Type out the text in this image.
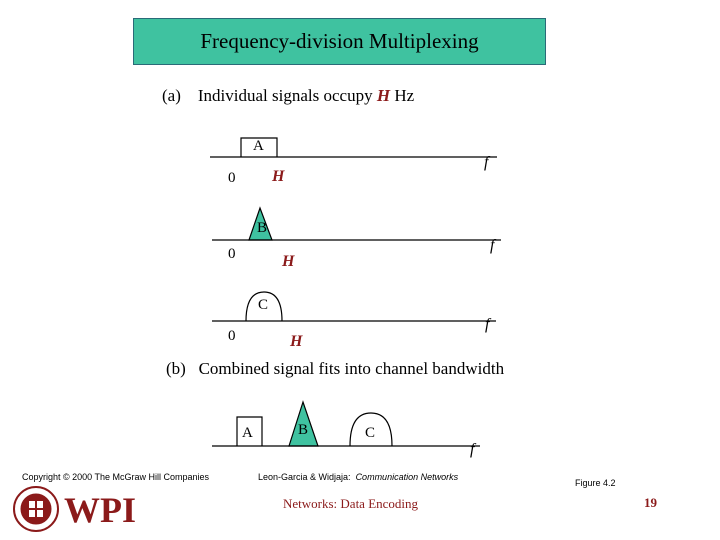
Frequency-division Multiplexing
(a) Individual signals occupy H Hz
A
0 H
f
B
0	H
f
C
0	H
f
(b) Combined signal fits into channel bandwidth
A	B	C
f
Copyright © 2000 The McGraw Hill Companies	Leon-Garcia & Widjaja: Communication Networks
Figure 4.2
Networks: Data Encoding	19
WPI
